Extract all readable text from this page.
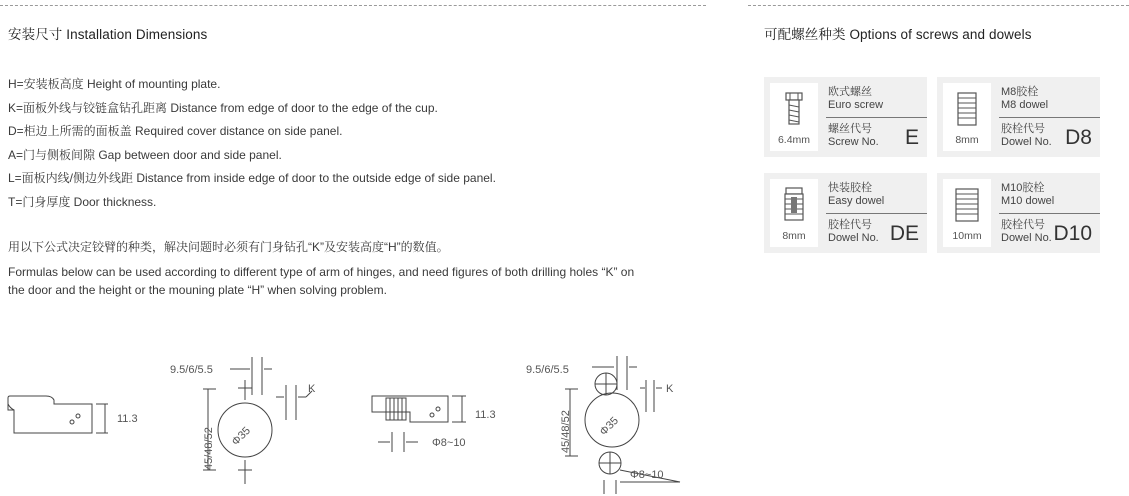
安装尺寸 Installation Dimensions
H=安装板高度 Height of mounting plate.
K=面板外线与铰链盒钻孔距离 Distance from edge of door to the edge of the cup.
D=柜边上所需的面板盖 Required cover distance on side panel.
A=门与侧板间隙 Gap between door and side panel.
L=面板内线/侧边外线距 Distance from inside edge of door to the outside edge of side panel.
T=门身厚度 Door thickness.
用以下公式决定铰臂的种类，解决问题时必须有门身钻孔“K”及安装高度“H”的数值。
Formulas below can be used according to different type of arm of hinges, and need figures of both drilling holes “K” on the door and the height or the mouning plate “H” when solving problem.
可配螺丝种类 Options of screws and dowels
6.4mm
欧式螺丝
Euro screw
螺丝代号
Screw No. E	8mm
M8胶栓
M8 dowel
胶栓代号
Dowel No. D8
8mm
快装胶栓
Easy dowel
胶栓代号
Dowel No. DE	10mm
M10胶栓
M10 dowel
胶栓代号
Dowel No. D10
11.3
9.5/6/5.5
45/48/52 Φ35
K
11.3
Φ8~10
9.5/6/5.5
45/48/52 Φ35
K
Φ8~10
